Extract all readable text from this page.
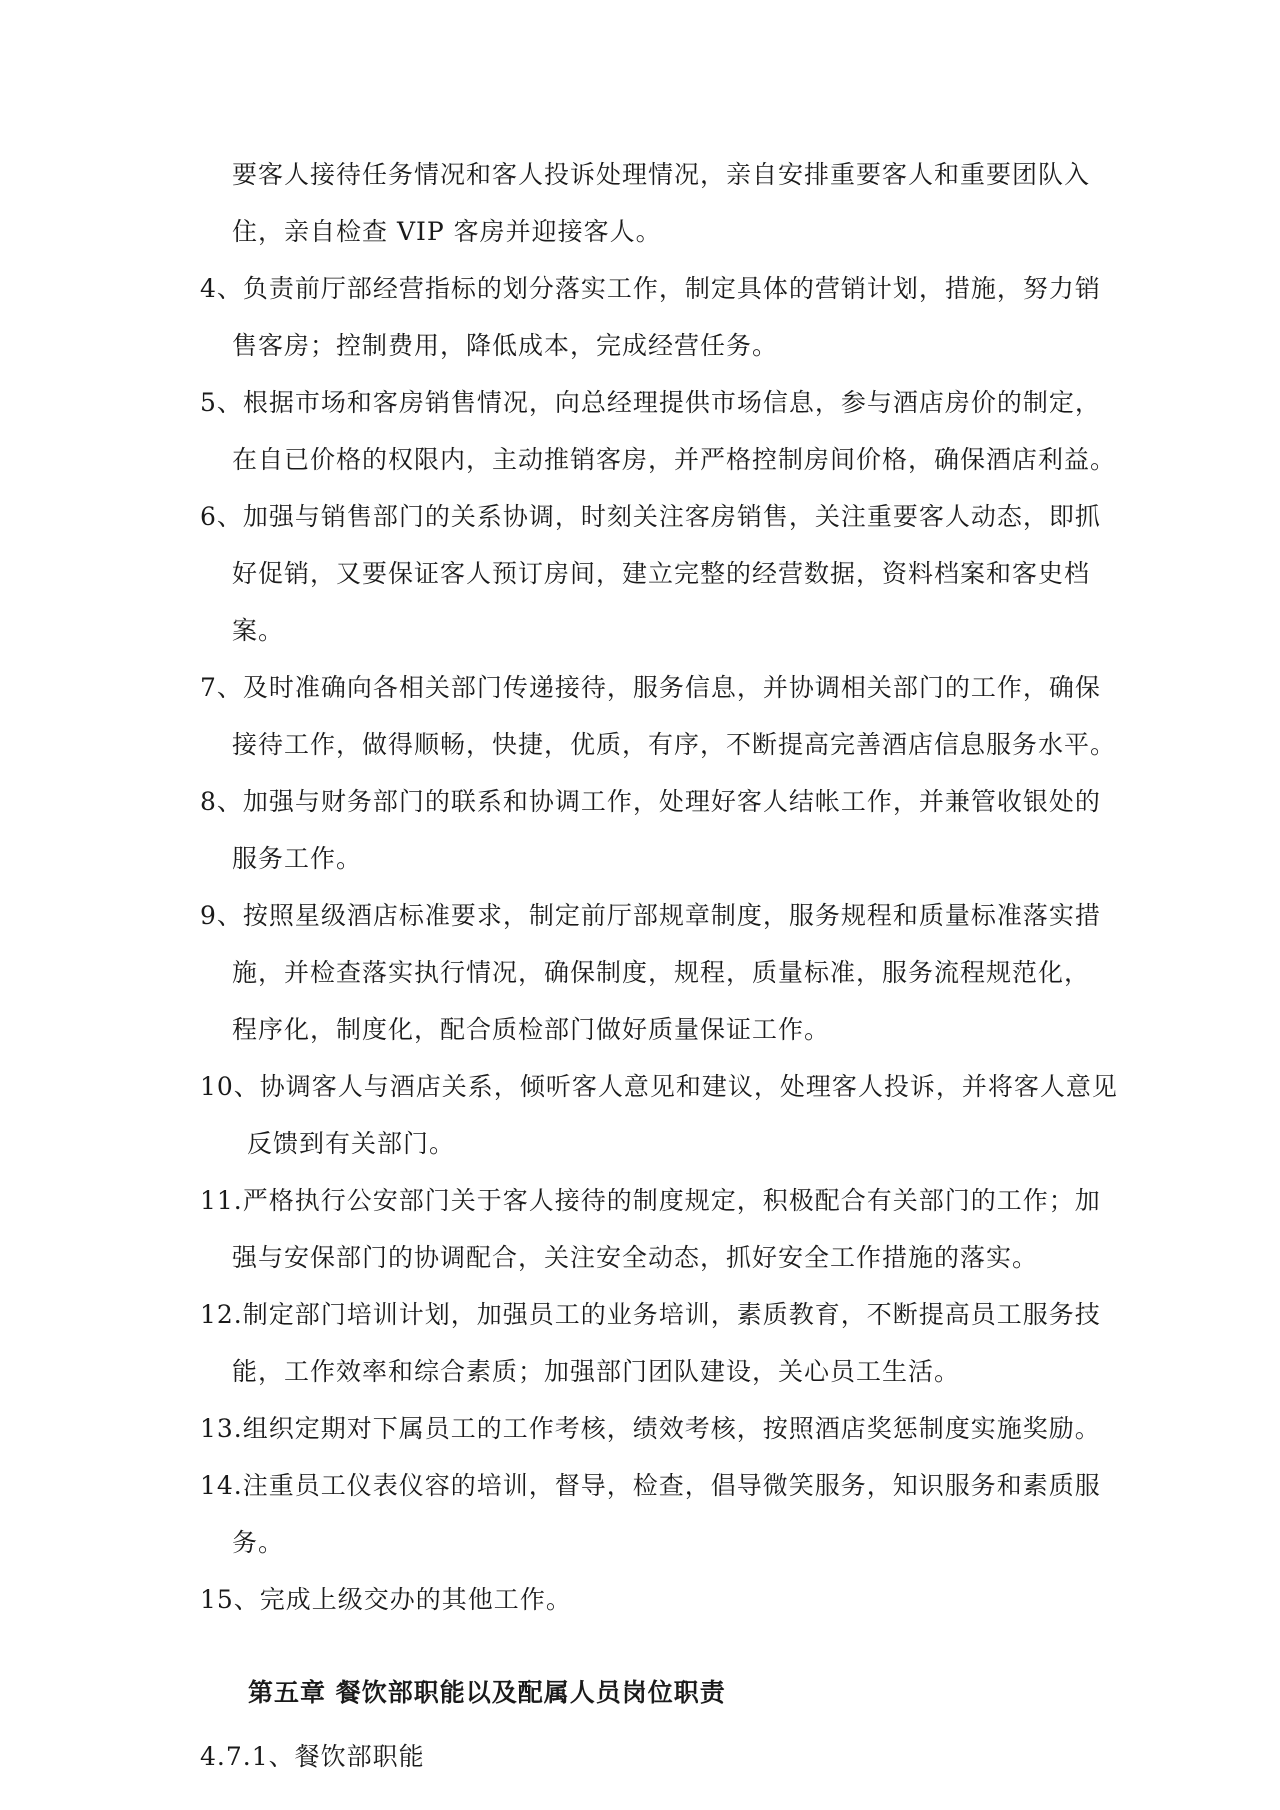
要客人接待任务情况和客人投诉处理情况，亲自安排重要客人和重要团队入
住，亲自检查 VIP 客房并迎接客人。
4、负责前厅部经营指标的划分落实工作，制定具体的营销计划，措施，努力销
售客房；控制费用，降低成本，完成经营任务。
5、根据市场和客房销售情况，向总经理提供市场信息，参与酒店房价的制定，
在自已价格的权限内，主动推销客房，并严格控制房间价格，确保酒店利益。
6、加强与销售部门的关系协调，时刻关注客房销售，关注重要客人动态，即抓
好促销，又要保证客人预订房间，建立完整的经营数据，资料档案和客史档
案。
7、及时准确向各相关部门传递接待，服务信息，并协调相关部门的工作，确保
接待工作，做得顺畅，快捷，优质，有序，不断提高完善酒店信息服务水平。
8、加强与财务部门的联系和协调工作，处理好客人结帐工作，并兼管收银处的
服务工作。
9、按照星级酒店标准要求，制定前厅部规章制度，服务规程和质量标准落实措
施，并检查落实执行情况，确保制度，规程，质量标准，服务流程规范化，
程序化，制度化，配合质检部门做好质量保证工作。
10、协调客人与酒店关系，倾听客人意见和建议，处理客人投诉，并将客人意见
反馈到有关部门。
11.严格执行公安部门关于客人接待的制度规定，积极配合有关部门的工作；加
强与安保部门的协调配合，关注安全动态，抓好安全工作措施的落实。
12.制定部门培训计划，加强员工的业务培训，素质教育，不断提高员工服务技
能，工作效率和综合素质；加强部门团队建设，关心员工生活。
13.组织定期对下属员工的工作考核，绩效考核，按照酒店奖惩制度实施奖励。
14.注重员工仪表仪容的培训，督导，检查，倡导微笑服务，知识服务和素质服
务。
15、完成上级交办的其他工作。
第五章 餐饮部职能以及配属人员岗位职责
4.7.1、餐饮部职能
